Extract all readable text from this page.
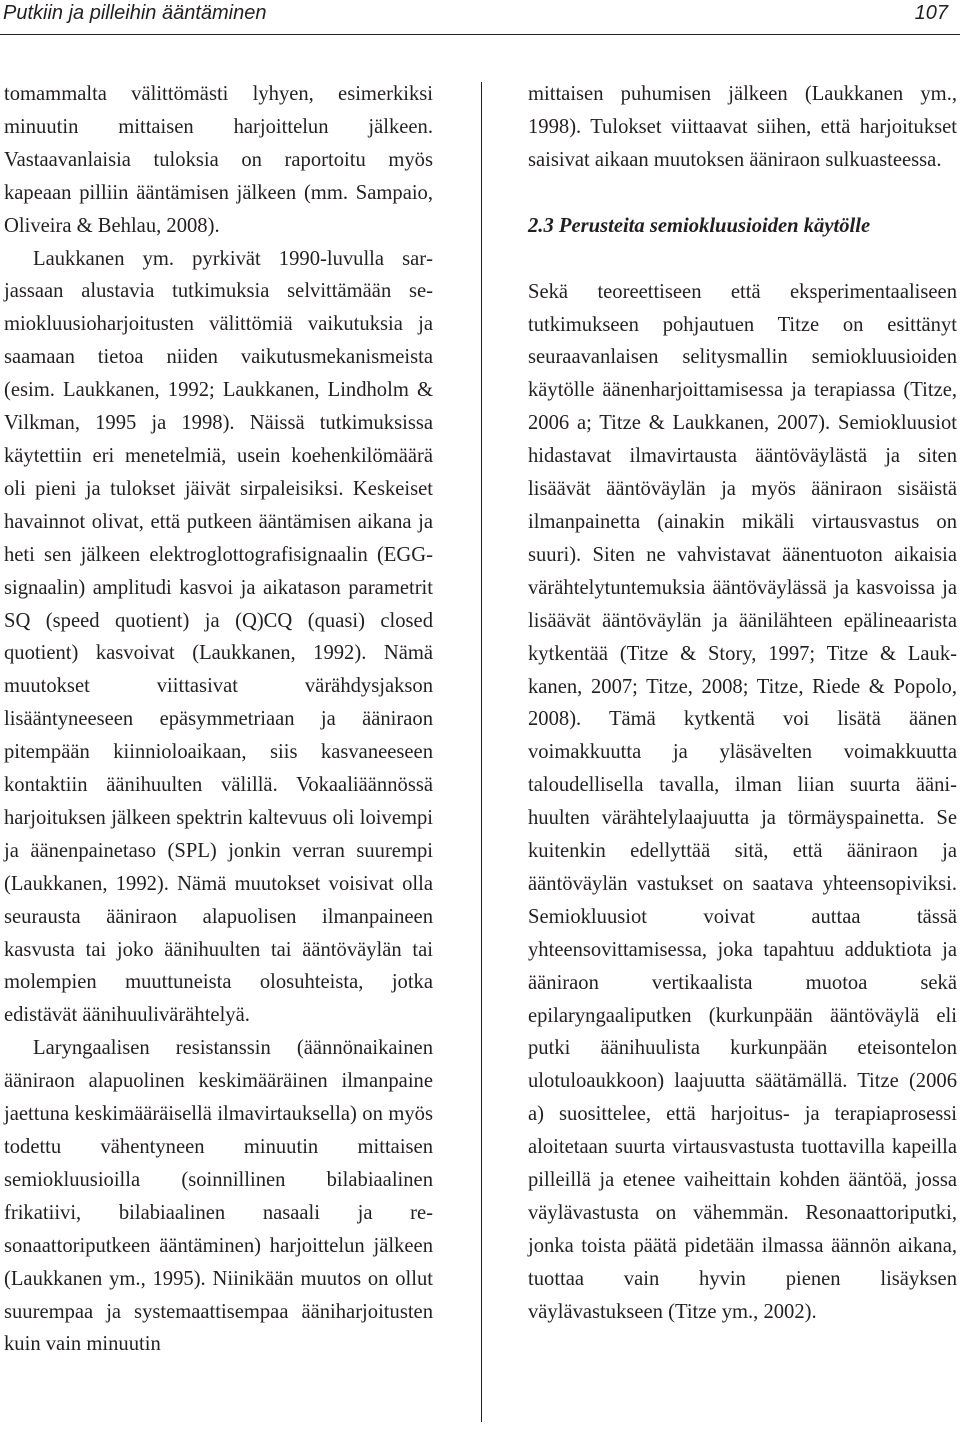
Putkiin ja pilleihin ääntäminen	107

tomammalta välittömästi lyhyen, esimerkiksi minuutin mittaisen harjoittelun jälkeen. Vastaavanlaisia tuloksia on raportoitu myös kapeaan pilliin ääntämisen jälkeen (mm. Sampaio, Oliveira & Behlau, 2008).

Laukkanen ym. pyrkivät 1990-luvulla sarjassaan alustavia tutkimuksia selvittämään semiokluusioharjoitusten välittömiä vaikutuksia ja saamaan tietoa niiden vaikutusmekanismeista (esim. Laukkanen, 1992; Laukkanen, Lindholm & Vilkman, 1995 ja 1998). Näissä tutkimuksissa käytettiin eri menetelmiä, usein koehenkilömäärä oli pieni ja tulokset jäivät sirpaleisiksi. Keskeiset havainnot olivat, että putkeen ääntämisen aikana ja heti sen jälkeen elektroglottografisignaalin (EGG-signaalin) amplitudi kasvoi ja aikatason parametrit SQ (speed quotient) ja (Q)CQ (quasi) closed quotient) kasvoivat (Laukkanen, 1992). Nämä muutokset viittasivat värähdysjakson lisääntyneeseen epäsymmetriaan ja ääniraon pitempään kiinnioloaikaan, siis kasvaneeseen kontaktiin äänihuulten välillä. Vokaaliäännössä harjoituksen jälkeen spektrin kaltevuus oli loivempi ja äänenpainetaso (SPL) jonkin verran suurempi (Laukkanen, 1992). Nämä muutokset voisivat olla seurausta ääniraon alapuolisen ilmanpaineen kasvusta tai joko äänihuulten tai ääntöväylän tai molempien muuttuneista olosuhteista, jotka edistävät äänihuulivärähtelyä.

Laryngaalisen resistanssin (äännönaikainen ääniraon alapuolinen keskimääräinen ilmanpaine jaettuna keskimääräisellä ilmavirtauksella) on myös todettu vähentyneen minuutin mittaisen semiokluusioilla (soinnillinen bilabiaalinen frikatiivi, bilabiaalinen nasaali ja resonaattoriputkeen ääntäminen) harjoittelun jälkeen (Laukkanen ym., 1995). Niinikään muutos on ollut suurempaa ja systemaattisempaa ääniharjoitusten kuin vain minuutin

mittaisen puhumisen jälkeen (Laukkanen ym., 1998). Tulokset viittaavat siihen, että harjoitukset saisivat aikaan muutoksen ääniraon sulkuasteessa.

2.3 Perusteita semiokluusioiden käytölle

Sekä teoreettiseen että eksperimentaaliseen tutkimukseen pohjautuen Titze on esittänyt seuraavanlaisen selitysmallin semiokluusioiden käytölle äänenharjoittamisessa ja terapiassa (Titze, 2006 a; Titze & Laukkanen, 2007). Semiokluusiot hidastavat ilmavirtausta ääntöväylästä ja siten lisäävät ääntöväylän ja myös ääniraon sisäistä ilmanpainetta (ainakin mikäli virtausvastus on suuri). Siten ne vahvistavat äänentuoton aikaisia värähtelytuntemuksia ääntöväylässä ja kasvoissa ja lisäävät ääntöväylän ja äänilähteen epälineaarista kytkentää (Titze & Story, 1997; Titze & Laukkanen, 2007; Titze, 2008; Titze, Riede & Popolo, 2008). Tämä kytkentä voi lisätä äänen voimakkuutta ja yläsävelten voimakkuutta taloudellisella tavalla, ilman liian suurta äänihuulten värähtelylaajuutta ja törmäyspainetta. Se kuitenkin edellyttää sitä, että ääniraon ja ääntöväylän vastukset on saatava yhteensopiviksi. Semiokluusiot voivat auttaa tässä yhteensovittamisessa, joka tapahtuu adduktiota ja ääniraon vertikaalista muotoa sekä epilaryngaaliputken (kurkunpään ääntöväylä eli putki äänihuulista kurkunpään eteisontelon ulotuloaukkoon) laajuutta säätämällä. Titze (2006 a) suosittelee, että harjoitus- ja terapiaprosessi aloitetaan suurta virtausvastusta tuottavilla kapeilla pilleillä ja etenee vaiheittain kohden ääntöä, jossa väylävastusta on vähemmän. Resonaattoriputki, jonka toista päätä pidetään ilmassa äännön aikana, tuottaa vain hyvin pienen lisäyksen väylävastukseen (Titze ym., 2002).
